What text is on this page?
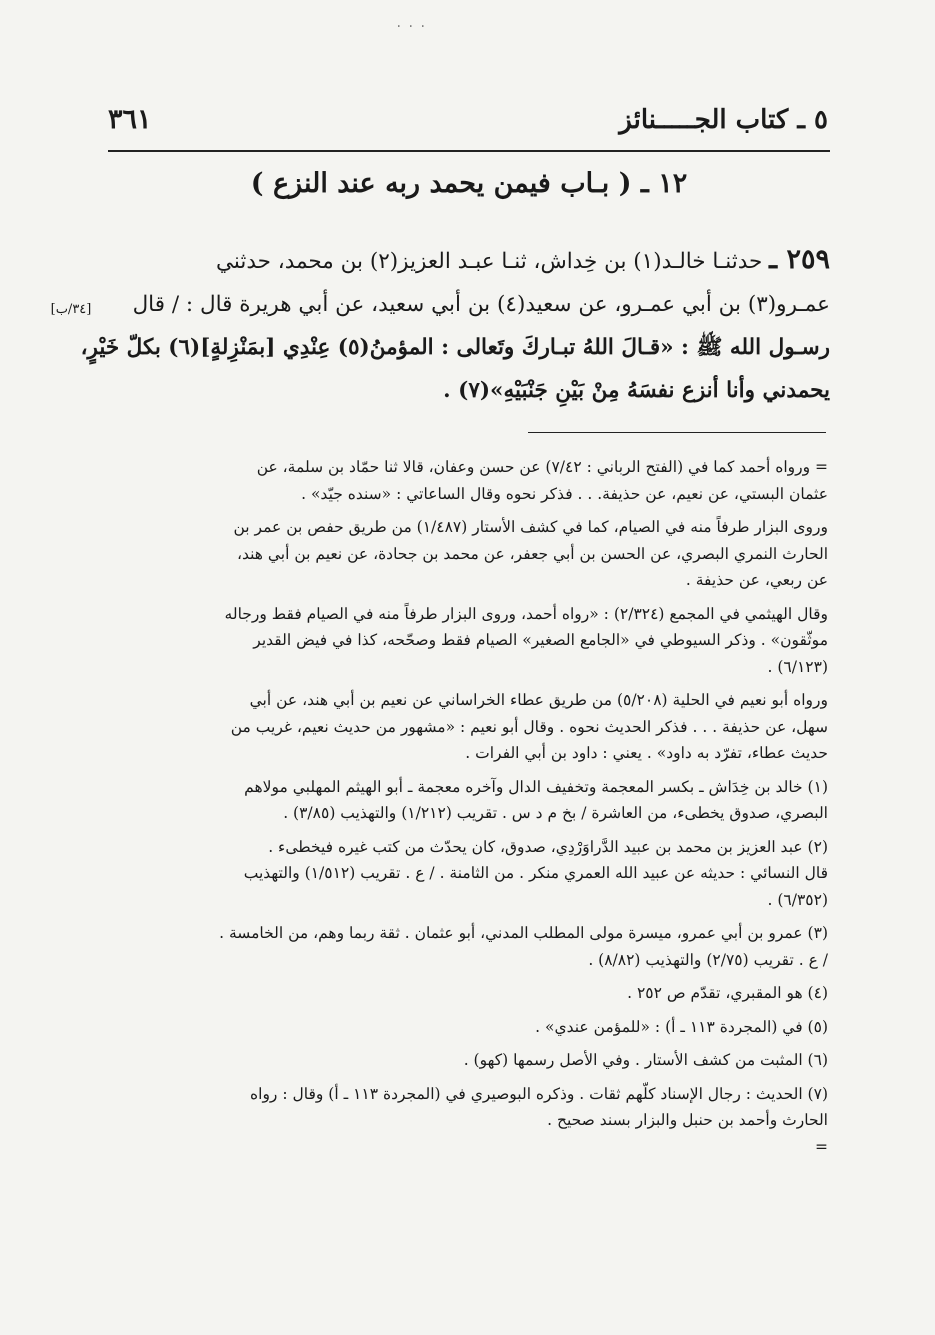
٠ ٠ ٠
٥ ـ كتاب الجـــــنائز
٣٦١
١٢ ـ ( بـاب فيمن يحمد ربه عند النزع )
٢٥٩ ـ حدثنـا خالـد(١) بن خِداش، ثنـا عبـد العزيز(٢) بن محمد، حدثني
عمـرو(٣) بن أبي عمـرو، عن سعيد(٤) بن أبي سعيد، عن أبي هريرة قال : / قال
رسـول الله ﷺ : «قـالَ اللهُ تبـاركَ وتَعالى : المؤمنُ(٥) عِنْدِي [بمَنْزِلةٍ](٦) بكلّ خَيْرٍ،
يحمدني وأنا أنزع نفسَهُ مِنْ بَيْنِ جَنْبَيْهِ»(٧) .
[٣٤/ب]

= ورواه أحمد كما في (الفتح الرباني : ٧/٤٢) عن حسن وعفان، قالا ثنا حمّاد بن سلمة، عن
عثمان البستي، عن نعيم، عن حذيفة. . . فذكر نحوه وقال الساعاتي : «سنده جيّد» .

وروى البزار طرفاً منه في الصيام، كما في كشف الأستار (١/٤٨٧) من طريق حفص بن عمر بن
الحارث النمري البصري، عن الحسن بن أبي جعفر، عن محمد بن جحادة، عن نعيم بن أبي هند،
عن ربعي، عن حذيفة .

وقال الهيثمي في المجمع (٢/٣٢٤) : «رواه أحمد، وروى البزار طرفاً منه في الصيام فقط ورجاله
موثّقون» . وذكر السيوطي في «الجامع الصغير» الصيام فقط وصحّحه، كذا في فيض القدير
(٦/١٢٣) .

ورواه أبو نعيم في الحلية (٥/٢٠٨) من طريق عطاء الخراساني عن نعيم بن أبي هند، عن أبي
سهل، عن حذيفة . . . فذكر الحديث نحوه . وقال أبو نعيم : «مشهور من حديث نعيم، غريب من
حديث عطاء، تفرّد به داود» . يعني : داود بن أبي الفرات .

(١) خالد بن خِدَاش ـ بكسر المعجمة وتخفيف الدال وآخره معجمة ـ أبو الهيثم المهلبي مولاهم
البصري، صدوق يخطىء، من العاشرة / بخ م د س . تقريب (١/٢١٢) والتهذيب (٣/٨٥) .

(٢) عبد العزيز بن محمد بن عبيد الدَّراوَرْدِي، صدوق، كان يحدّث من كتب غيره فيخطىء .
قال النسائي : حديثه عن عبيد الله العمري منكر . من الثامنة . / ع . تقريب (١/٥١٢) والتهذيب
(٦/٣٥٢) .

(٣) عمرو بن أبي عمرو، ميسرة مولى المطلب المدني، أبو عثمان . ثقة ربما وهم، من الخامسة .
/ ع . تقريب (٢/٧٥) والتهذيب (٨/٨٢) .

(٤) هو المقبري، تقدّم ص ٢٥٢ .

(٥) في (المجردة ١١٣ ـ أ) : «للمؤمن عندي» .

(٦) المثبت من كشف الأستار . وفي الأصل رسمها (كهو) .

(٧) الحديث : رجال الإسناد كلّهم ثقات . وذكره البوصيري في (المجردة ١١٣ ـ أ) وقال : رواه
الحارث وأحمد بن حنبل والبزار بسند صحيح .
=
